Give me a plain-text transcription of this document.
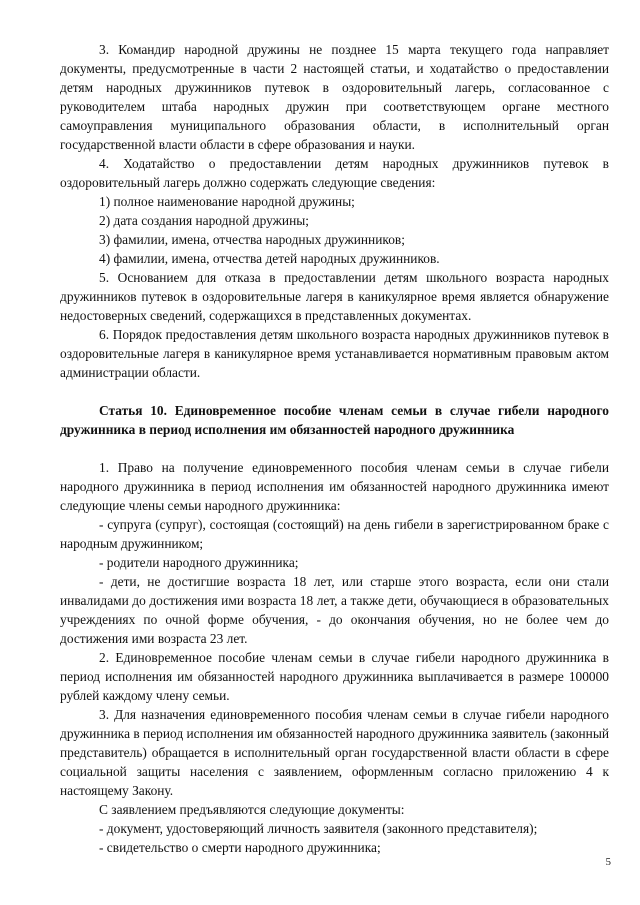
3. Командир народной дружины не позднее 15 марта текущего года направляет документы, предусмотренные в части 2 настоящей статьи, и ходатайство о предоставлении детям народных дружинников путевок в оздоровительный лагерь, согласованное с руководителем штаба народных дружин при соответствующем органе местного самоуправления муниципального образования области, в исполнительный орган государственной власти области в сфере образования и науки.

4. Ходатайство о предоставлении детям народных дружинников путевок в оздоровительный лагерь должно содержать следующие сведения:

1) полное наименование народной дружины;

2) дата создания народной дружины;

3) фамилии, имена, отчества народных дружинников;

4) фамилии, имена, отчества детей народных дружинников.

5. Основанием для отказа в предоставлении детям школьного возраста народных дружинников путевок в оздоровительные лагеря в каникулярное время является обнаружение недостоверных сведений, содержащихся в представленных документах.

6. Порядок предоставления детям школьного возраста народных дружинников путевок в оздоровительные лагеря в каникулярное время устанавливается нормативным правовым актом администрации области.

Статья 10. Единовременное пособие членам семьи в случае гибели народного дружинника в период исполнения им обязанностей народного дружинника

1. Право на получение единовременного пособия членам семьи в случае гибели народного дружинника в период исполнения им обязанностей народного дружинника имеют следующие члены семьи народного дружинника:

- супруга (супруг), состоящая (состоящий) на день гибели в зарегистрированном браке с народным дружинником;

- родители народного дружинника;

- дети, не достигшие возраста 18 лет, или старше этого возраста, если они стали инвалидами до достижения ими возраста 18 лет, а также дети, обучающиеся в образовательных учреждениях по очной форме обучения, - до окончания обучения, но не более чем до достижения ими возраста 23 лет.

2. Единовременное пособие членам семьи в случае гибели народного дружинника в период исполнения им обязанностей народного дружинника выплачивается в размере 100000 рублей каждому члену семьи.

3. Для назначения единовременного пособия членам семьи в случае гибели народного дружинника в период исполнения им обязанностей народного дружинника заявитель (законный представитель) обращается в исполнительный орган государственной власти области в сфере социальной защиты населения с заявлением, оформленным согласно приложению 4 к настоящему Закону.

С заявлением предъявляются следующие документы:

- документ, удостоверяющий личность заявителя (законного представителя);

- свидетельство о смерти народного дружинника;

5
